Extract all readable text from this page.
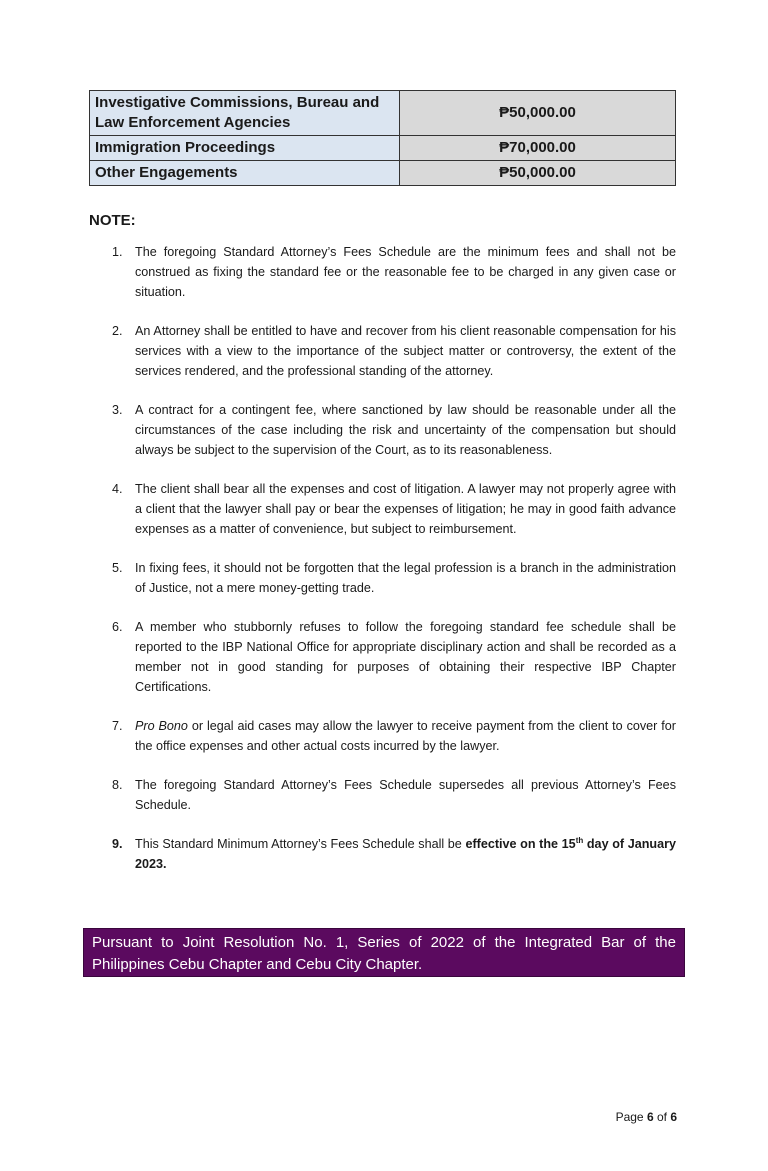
Investigative Commissions, Bureau and Law Enforcement Agencies	₱50,000.00
Immigration Proceedings	₱70,000.00
Other Engagements	₱50,000.00
NOTE:
1. The foregoing Standard Attorney’s Fees Schedule are the minimum fees and shall not be construed as fixing the standard fee or the reasonable fee to be charged in any given case or situation.
2. An Attorney shall be entitled to have and recover from his client reasonable compensation for his services with a view to the importance of the subject matter or controversy, the extent of the services rendered, and the professional standing of the attorney.
3. A contract for a contingent fee, where sanctioned by law should be reasonable under all the circumstances of the case including the risk and uncertainty of the compensation but should always be subject to the supervision of the Court, as to its reasonableness.
4. The client shall bear all the expenses and cost of litigation. A lawyer may not properly agree with a client that the lawyer shall pay or bear the expenses of litigation; he may in good faith advance expenses as a matter of convenience, but subject to reimbursement.
5. In fixing fees, it should not be forgotten that the legal profession is a branch in the administration of Justice, not a mere money-getting trade.
6. A member who stubbornly refuses to follow the foregoing standard fee schedule shall be reported to the IBP National Office for appropriate disciplinary action and shall be recorded as a member not in good standing for purposes of obtaining their respective IBP Chapter Certifications.
7. Pro Bono or legal aid cases may allow the lawyer to receive payment from the client to cover for the office expenses and other actual costs incurred by the lawyer.
8. The foregoing Standard Attorney’s Fees Schedule supersedes all previous Attorney’s Fees Schedule.
9. This Standard Minimum Attorney’s Fees Schedule shall be effective on the 15th day of January 2023.
Pursuant to Joint Resolution No. 1, Series of 2022 of the Integrated Bar of the Philippines Cebu Chapter and Cebu City Chapter.
Page 6 of 6
